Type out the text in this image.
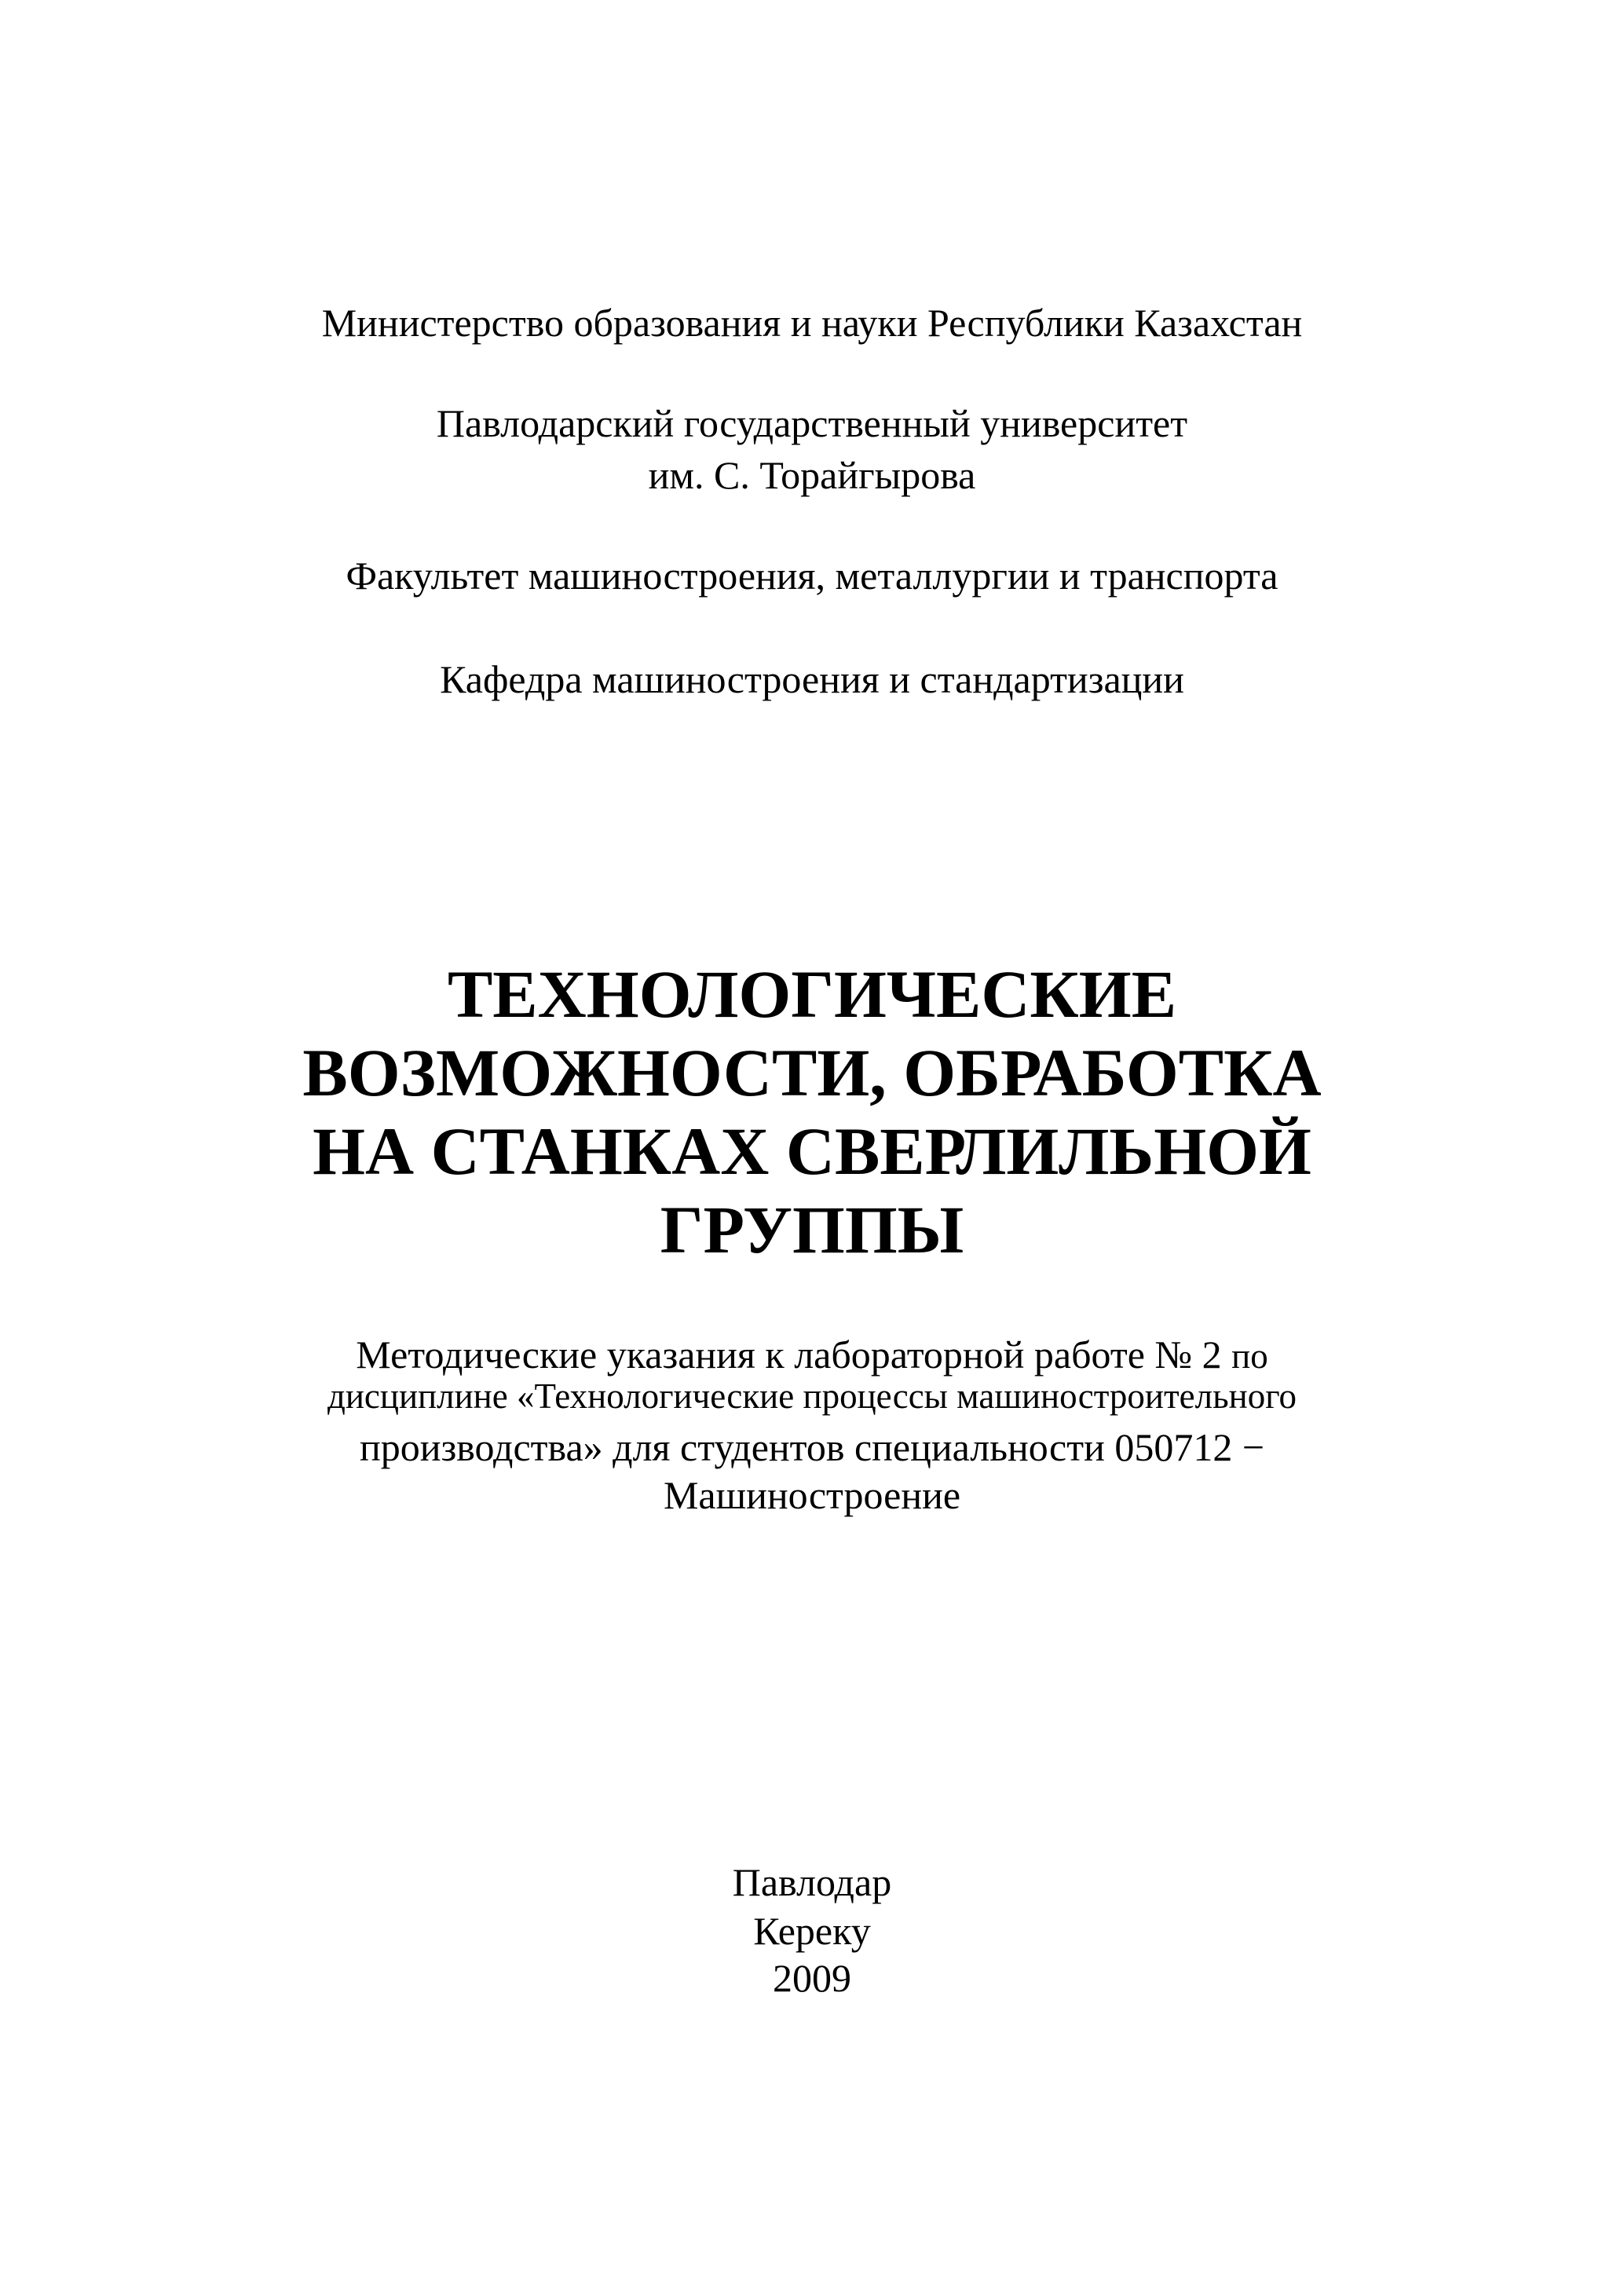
Министерство образования и науки Республики Казахстан
Павлодарский государственный университет
им. С. Торайгырова
Факультет машиностроения, металлургии и транспорта
Кафедра машиностроения и стандартизации
ТЕХНОЛОГИЧЕСКИЕ
ВОЗМОЖНОСТИ, ОБРАБОТКА
НА СТАНКАХ СВЕРЛИЛЬНОЙ
ГРУППЫ
Методические указания к лабораторной работе № 2 по
дисциплине «Технологические процессы машиностроительного
производства» для студентов специальности 050712 −
Машиностроение
Павлодар
Кереку
2009
